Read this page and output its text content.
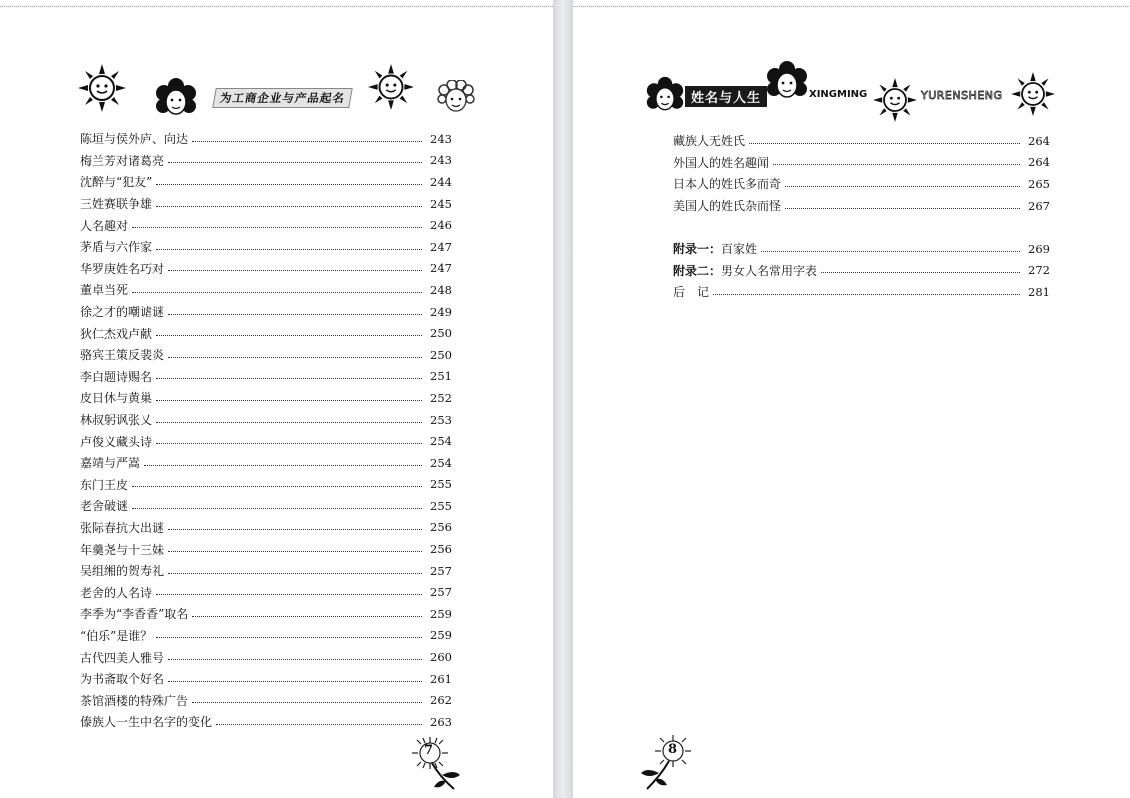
为工商企业与产品起名
陈垣与侯外庐、向达	243
梅兰芳对诸葛亮	243
沈醉与“犯友”	244
三姓赛联争雄	245
人名趣对	246
茅盾与六作家	247
华罗庚姓名巧对	247
董卓当死	248
徐之才的嘲谑谜	249
狄仁杰戏卢献	250
骆宾王策反裴炎	250
李白题诗赐名	251
皮日休与黄巢	252
林叔躬讽张乂	253
卢俊义藏头诗	254
嘉靖与严嵩	254
东门王皮	255
老舍破谜	255
张际春抗大出谜	256
年羹尧与十三妹	256
吴组缃的贺寿礼	257
老舍的人名诗	257
李季为“李香香”取名	259
“伯乐”是谁？	259
古代四美人雅号	260
为书斋取个好名	261
茶馆酒楼的特殊广告	262
傣族人一生中名字的变化	263
7
姓名与人生	XINGMING	YURENSHENG
藏族人无姓氏	264
外国人的姓名趣闻	264
日本人的姓氏多而奇	265
美国人的姓氏杂而怪	267
附录一：百家姓	269
附录二：男女人名常用字表	272
后　记	281
8
